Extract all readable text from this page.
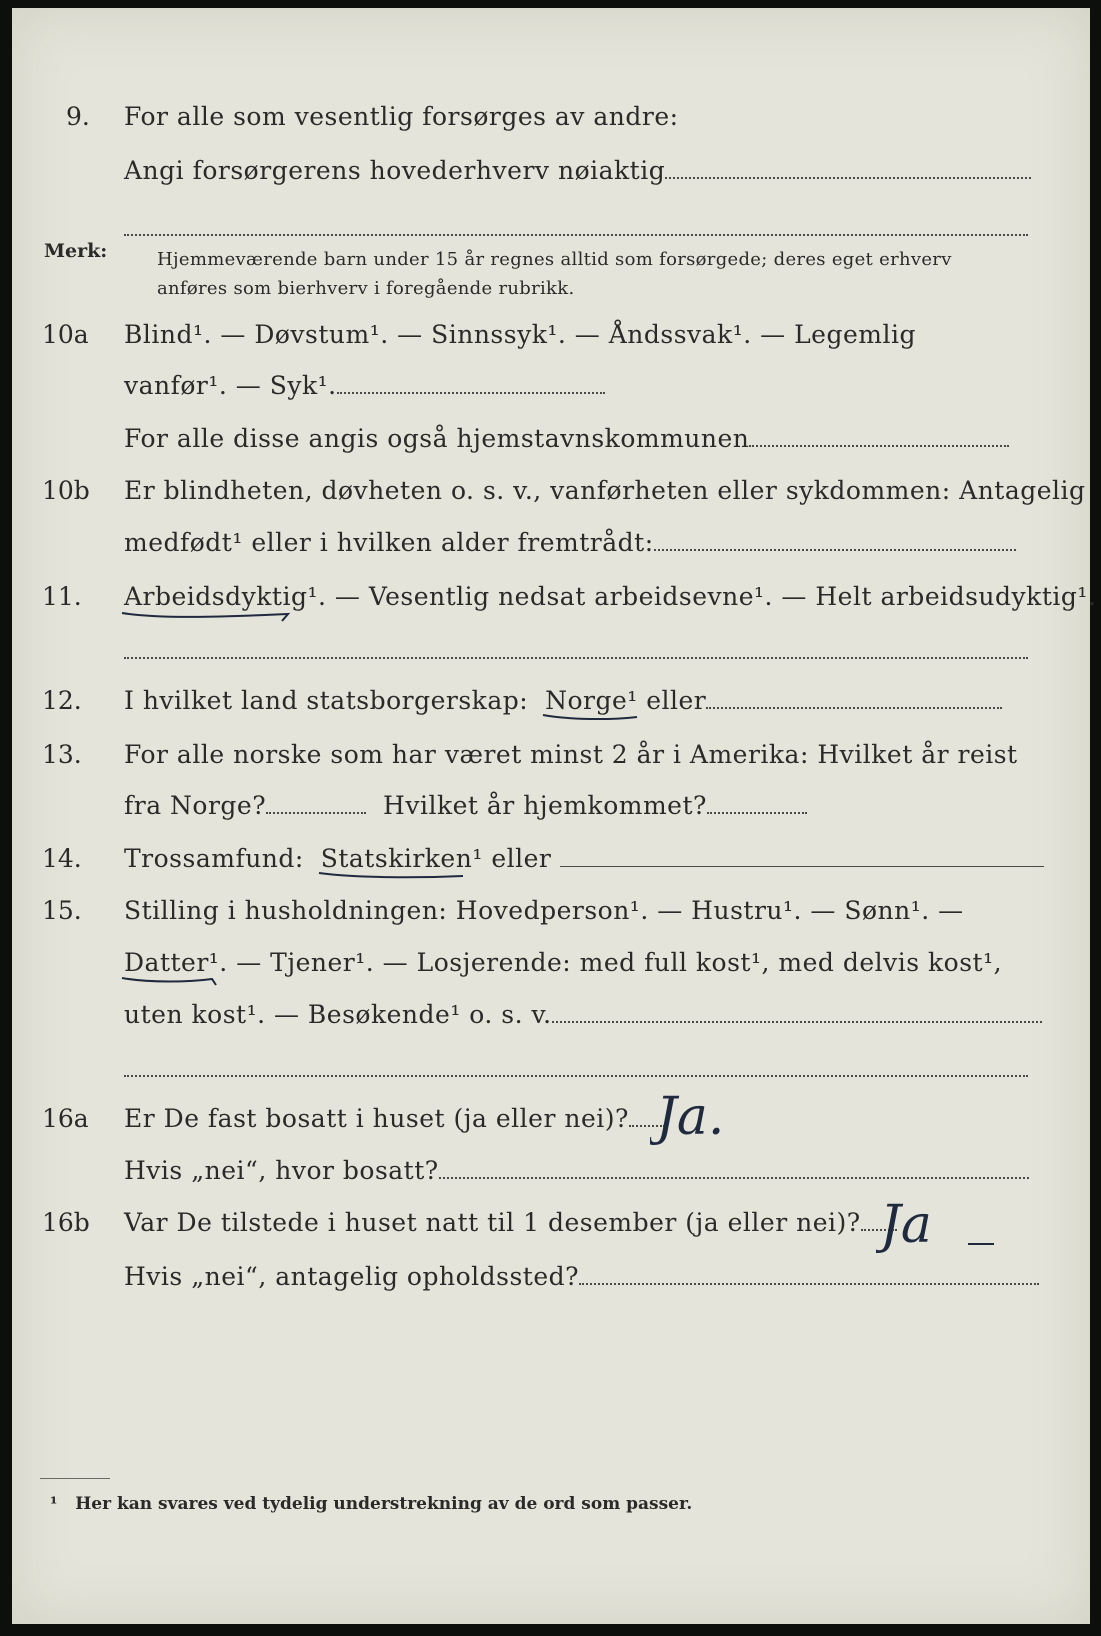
9. For alle som vesentlig forsørges av andre:
Angi forsørgerens hovederhverv nøiaktig
Merk:	Hjemmeværende barn under 15 år regnes alltid som forsørgede; deres eget erhverv
anføres som bierhverv i foregående rubrikk.
10a Blind¹. — Døvstum¹. — Sinnssyk¹. — Åndssvak¹. — Legemlig
vanfør¹. — Syk¹.
For alle disse angis også hjemstavnskommunen
10b Er blindheten, døvheten o. s. v., vanførheten eller sykdommen: Antagelig
medfødt¹ eller i hvilken alder fremtrådt:
11. Arbeidsdyktig
¹. — Vesentlig nedsat arbeidsevne¹. — Helt arbeidsudyktig¹.
12. I hvilket land statsborgerskap: Norge¹ eller
13. For alle norske som har været minst 2 år i Amerika: Hvilket år reist
fra Norge?	Hvilket år hjemkommet?
14. Trossamfund: Statskirken¹ eller
15. Stilling i husholdningen: Hovedperson¹. — Hustru¹. — Sønn¹. —
Datter¹. — Tjener¹. — Losjerende: med full kost¹, med delvis kost¹,
uten kost¹. — Besøkende¹ o. s. v.
16a Er De fast bosatt i huset (ja eller nei)? Ja.
Hvis „nei“, hvor bosatt?
16b Var De tilstede i huset natt til 1 desember (ja eller nei)? Ja
Hvis „nei“, antagelig opholdssted?
¹ Her kan svares ved tydelig understrekning av de ord som passer.
